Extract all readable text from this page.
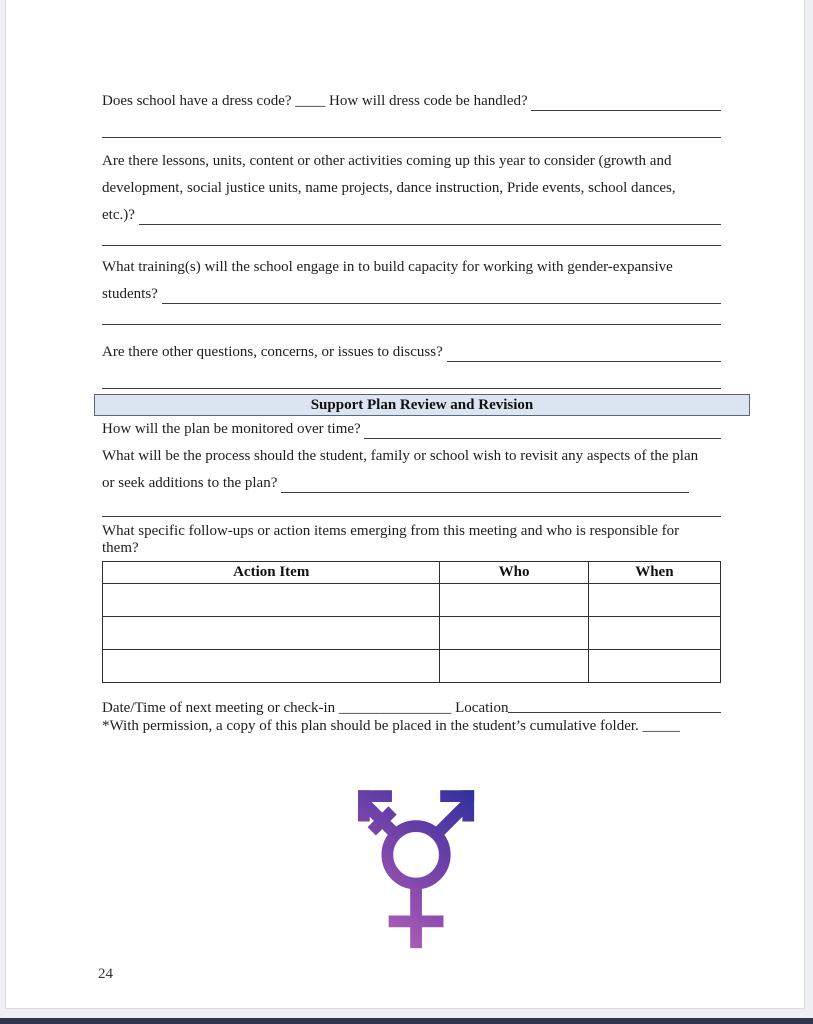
Does school have a dress code? ____ How will dress code be handled?
Are there lessons, units, content or other activities coming up this year to consider (growth and
development, social justice units, name projects, dance instruction, Pride events, school dances,
etc.)?
What training(s) will the school engage in to build capacity for working with gender-expansive
students?
Are there other questions, concerns, or issues to discuss?
Support Plan Review and Revision
How will the plan be monitored over time?
What will be the process should the student, family or school wish to revisit any aspects of the plan
or seek additions to the plan?
What specific follow-ups or action items emerging from this meeting and who is responsible for
them?
Action Item	Who	When

Date/Time of next meeting or check-in _______________ Location
*With permission, a copy of this plan should be placed in the student’s cumulative folder. _____
24
